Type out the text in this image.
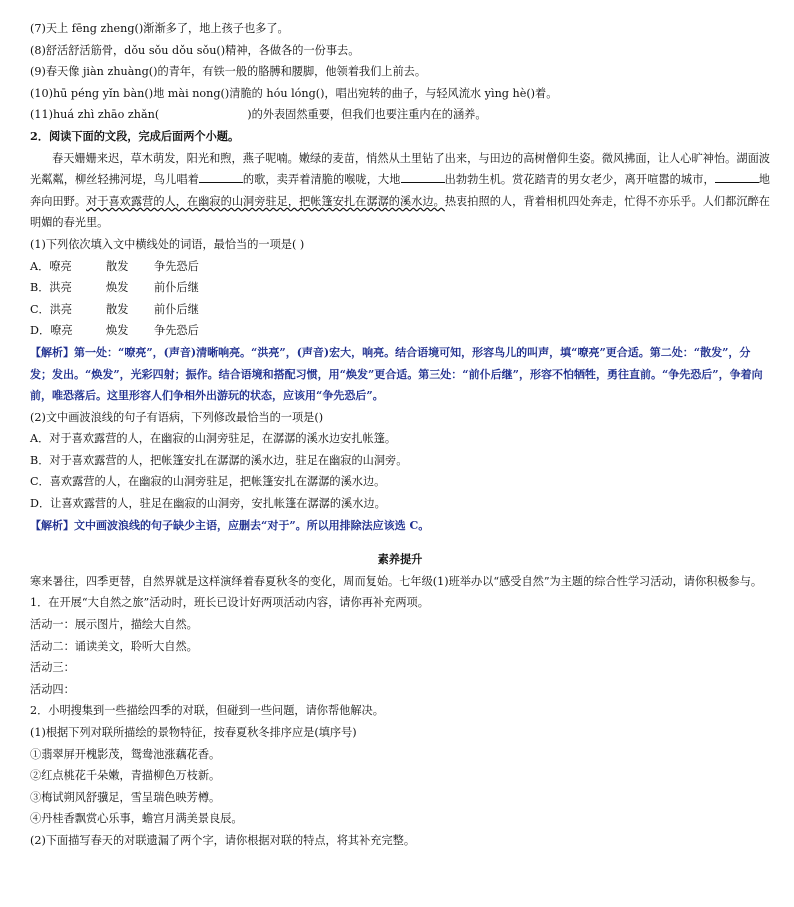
(7)天上 fēng zheng()渐渐多了，地上孩子也多了。
(8)舒活舒活筋骨，dǒu sǒu dǒu sǒu()精神，各做各的一份事去。
(9)春天像 jiàn zhuàng()的青年，有铁一般的胳膊和腰脚，他领着我们上前去。
(10)hū péng yǐn bàn()地 mài nong()清脆的 hóu lóng()，唱出宛转的曲子，与轻风流水 yìng hè()着。
(11)huá zhì zhāo zhǎn(	)的外表固然重要，但我们也要注重内在的涵养。
2．阅读下面的文段，完成后面两个小题。
春天姗姗来迟，草木萌发，阳光和煦，燕子呢喃。嫩绿的麦苗，悄然从土里钻了出来，与田边的高树僧仰生姿。微风拂面，让人心旷神怡。湖面波光粼粼，柳丝轻拂河堤，鸟儿唱着	的歌，卖弄着清脆的喉咙，大地	出勃勃生机。赏花踏青的男女老少，离开喧嚣的城市，	地奔向田野。对于喜欢露营的人，在幽寂的山洞旁驻足，把帐篷安扎在潺潺的溪水边。热衷拍照的人，背着相机四处奔走，忙得不亦乐乎。人们都沉醉在明媚的春光里。
(1)下列依次填入文中横线处的词语，最恰当的一项是( )
A．嘹亮	散发 争先恐后
B．洪亮	焕发 前仆后继
C．洪亮	散发 前仆后继
D．嘹亮	焕发 争先恐后
【解析】第一处：“嘹亮”，(声音)清晰响亮。“洪亮”，(声音)宏大，响亮。结合语境可知，形容鸟儿的叫声，填“嘹亮”更合适。第二处：“散发”，分发；发出。“焕发”，光彩四射；振作。结合语境和搭配习惯，用“焕发”更合适。第三处：“前仆后继”，形容不怕牺牲，勇往直前。“争先恐后”，争着向前，唯恐落后。这里形容人们争相外出游玩的状态，应该用“争先恐后”。
(2)文中画波浪线的句子有语病，下列修改最恰当的一项是()
A．对于喜欢露营的人，在幽寂的山洞旁驻足，在潺潺的溪水边安扎帐篷。
B．对于喜欢露营的人，把帐篷安扎在潺潺的溪水边，驻足在幽寂的山洞旁。
C．喜欢露营的人，在幽寂的山洞旁驻足，把帐篷安扎在潺潺的溪水边。
D．让喜欢露营的人，驻足在幽寂的山洞旁，安扎帐篷在潺潺的溪水边。
【解析】文中画波浪线的句子缺少主语，应删去“对于”。所以用排除法应该选 C。
素养提升
寒来暑往，四季更替，自然界就是这样演绎着春夏秋冬的变化，周而复始。七年级(1)班举办以“感受自然”为主题的综合性学习活动，请你积极参与。
1．在开展“大自然之旅”活动时，班长已设计好两项活动内容，请你再补充两项。
活动一：展示图片，描绘大自然。
活动二：诵读美文，聆听大自然。
活动三：
活动四：
2．小明搜集到一些描绘四季的对联，但碰到一些问题，请你帮他解决。
(1)根据下列对联所描绘的景物特征，按春夏秋冬排序应是(填序号)
①翡翠屏开槐影茂，鸳鸯池涨藕花香。
②红点桃花千朵嫩，青描柳色万枝新。
③梅试朔风舒骥足，雪呈瑞色映芳樽。
④丹桂香飘赏心乐事，蟾宫月满美景良辰。
(2)下面描写春天的对联遗漏了两个字，请你根据对联的特点，将其补充完整。
